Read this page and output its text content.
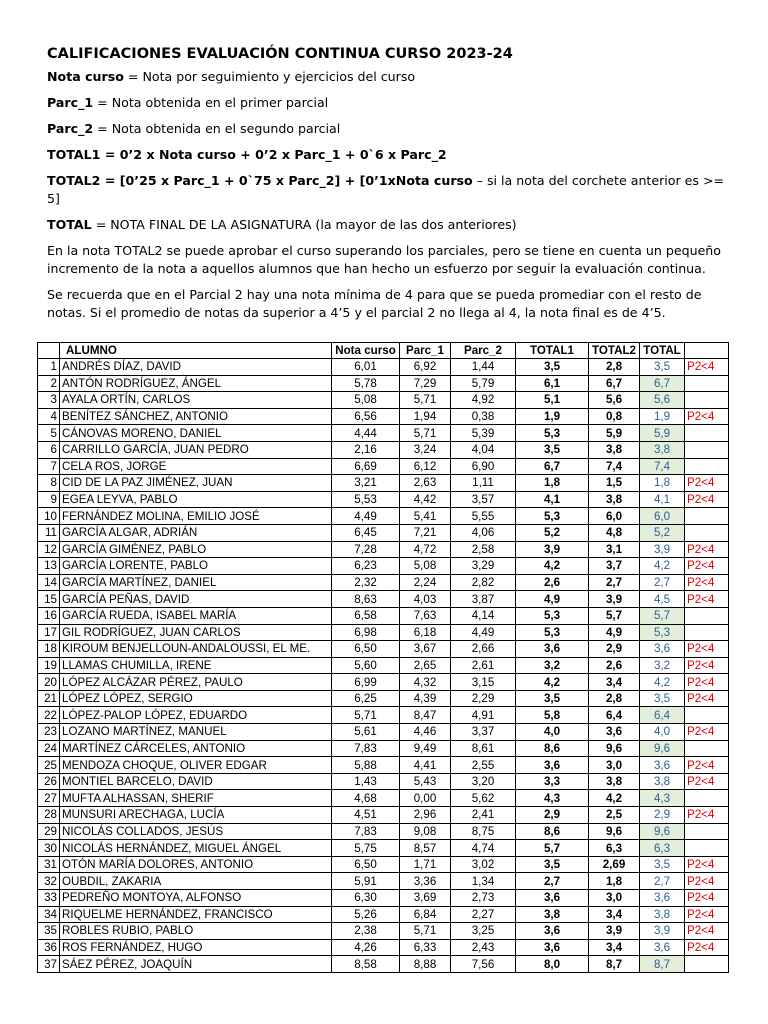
CALIFICACIONES EVALUACIÓN CONTINUA CURSO 2023-24

Nota curso = Nota por seguimiento y ejercicios del curso

Parc_1 = Nota obtenida en el primer parcial

Parc_2 = Nota obtenida en el segundo parcial

TOTAL1 = 0’2 x Nota curso + 0’2 x Parc_1 + 0`6 x Parc_2

TOTAL2 = [0’25 x Parc_1 + 0`75 x Parc_2] + [0’1xNota curso – si la nota del corchete anterior es >= 5]

TOTAL = NOTA FINAL DE LA ASIGNATURA (la mayor de las dos anteriores)

En la nota TOTAL2 se puede aprobar el curso superando los parciales, pero se tiene en cuenta un pequeño incremento de la nota a aquellos alumnos que han hecho un esfuerzo por seguir la evaluación continua.

Se recuerda que en el Parcial 2 hay una nota mínima de 4 para que se pueda promediar con el resto de notas. Si el promedio de notas da superior a 4’5 y el parcial 2 no llega al 4, la nota final es de 4’5.

	ALUMNO	Nota curso	Parc_1	Parc_2	TOTAL1	TOTAL2	TOTAL	
1	ANDRÉS DÍAZ, DAVID	6,01	6,92	1,44	3,5	2,8	3,5	P2<4
2	ANTÓN RODRÍGUEZ, ÁNGEL	5,78	7,29	5,79	6,1	6,7	6,7	
3	AYALA ORTÍN, CARLOS	5,08	5,71	4,92	5,1	5,6	5,6	
4	BENÍTEZ SÁNCHEZ, ANTONIO	6,56	1,94	0,38	1,9	0,8	1,9	P2<4
5	CÁNOVAS MORENO, DANIEL	4,44	5,71	5,39	5,3	5,9	5,9	
6	CARRILLO GARCÍA, JUAN PEDRO	2,16	3,24	4,04	3,5	3,8	3,8	
7	CELA ROS, JORGE	6,69	6,12	6,90	6,7	7,4	7,4	
8	CID DE LA PAZ JIMÉNEZ, JUAN	3,21	2,63	1,11	1,8	1,5	1,8	P2<4
9	EGEA LEYVA, PABLO	5,53	4,42	3,57	4,1	3,8	4,1	P2<4
10	FERNÁNDEZ MOLINA, EMILIO JOSÉ	4,49	5,41	5,55	5,3	6,0	6,0	
11	GARCÍA ALGAR, ADRIÁN	6,45	7,21	4,06	5,2	4,8	5,2	
12	GARCÍA GIMÉNEZ, PABLO	7,28	4,72	2,58	3,9	3,1	3,9	P2<4
13	GARCÍA LORENTE, PABLO	6,23	5,08	3,29	4,2	3,7	4,2	P2<4
14	GARCÍA MARTÍNEZ, DANIEL	2,32	2,24	2,82	2,6	2,7	2,7	P2<4
15	GARCÍA PEÑAS, DAVID	8,63	4,03	3,87	4,9	3,9	4,5	P2<4
16	GARCÍA RUEDA, ISABEL MARÍA	6,58	7,63	4,14	5,3	5,7	5,7	
17	GIL RODRÍGUEZ, JUAN CARLOS	6,98	6,18	4,49	5,3	4,9	5,3	
18	KIROUM BENJELLOUN-ANDALOUSSI, EL ME.	6,50	3,67	2,66	3,6	2,9	3,6	P2<4
19	LLAMAS CHUMILLA, IRENE	5,60	2,65	2,61	3,2	2,6	3,2	P2<4
20	LÓPEZ ALCÁZAR PÉREZ, PAULO	6,99	4,32	3,15	4,2	3,4	4,2	P2<4
21	LÓPEZ LÓPEZ, SERGIO	6,25	4,39	2,29	3,5	2,8	3,5	P2<4
22	LÓPEZ-PALOP LÓPEZ, EDUARDO	5,71	8,47	4,91	5,8	6,4	6,4	
23	LOZANO MARTÍNEZ, MANUEL	5,61	4,46	3,37	4,0	3,6	4,0	P2<4
24	MARTÍNEZ CÁRCELES, ANTONIO	7,83	9,49	8,61	8,6	9,6	9,6	
25	MENDOZA CHOQUE, OLIVER EDGAR	5,88	4,41	2,55	3,6	3,0	3,6	P2<4
26	MONTIEL BARCELO, DAVID	1,43	5,43	3,20	3,3	3,8	3,8	P2<4
27	MUFTA ALHASSAN, SHERIF	4,68	0,00	5,62	4,3	4,2	4,3	
28	MUNSURI ARECHAGA, LUCÍA	4,51	2,96	2,41	2,9	2,5	2,9	P2<4
29	NICOLÁS COLLADOS, JESÚS	7,83	9,08	8,75	8,6	9,6	9,6	
30	NICOLÁS HERNÁNDEZ, MIGUEL ÁNGEL	5,75	8,57	4,74	5,7	6,3	6,3	
31	OTÓN MARÍA DOLORES, ANTONIO	6,50	1,71	3,02	3,5	2,69	3,5	P2<4
32	OUBDIL, ZAKARIA	5,91	3,36	1,34	2,7	1,8	2,7	P2<4
33	PEDREÑO MONTOYA, ALFONSO	6,30	3,69	2,73	3,6	3,0	3,6	P2<4
34	RIQUELME HERNÁNDEZ, FRANCISCO	5,26	6,84	2,27	3,8	3,4	3,8	P2<4
35	ROBLES RUBIO, PABLO	2,38	5,71	3,25	3,6	3,9	3,9	P2<4
36	ROS FERNÁNDEZ, HUGO	4,26	6,33	2,43	3,6	3,4	3,6	P2<4
37	SÁEZ PÉREZ, JOAQUÍN	8,58	8,88	7,56	8,0	8,7	8,7	
